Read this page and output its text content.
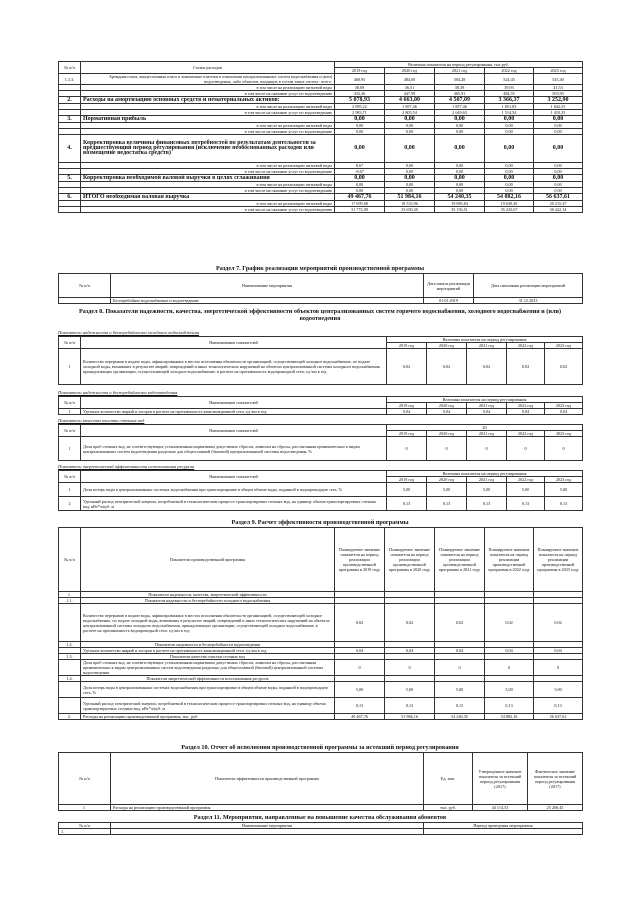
№ п/п	Статьи расходов	Величина показателя на период регулирования, тыс.руб.				
		2019 год	2020 год	2021 год	2022 год	2023 год
1.3.3.	Арендная плата, концессионная плата и лизинговые платежи в отношении централизованных систем водоснабжения и (или) водоотведения, либо объектов, входящих в состав таких систем - всего:	460,95	484,00	504,28	524,45	545,40
	в том числе на реализацию питьевой воды	38,69	36,51	38,39	39,93	41,53
	в том числе на оказание услуг по водоотведению	432,26	447,99	465,91	484,55	503,93
2.	Расходы на амортизацию основных средств и нематериальных активов:	5 078,93	4 663,00	4 507,09	3 366,37	3 252,90
	в том числе на реализацию питьевой воды	2 095,22	1 857,46	1 857,46	1 851,83	1 842,55
	в том числе на оказание услуг по водоотведению	2 983,71	2 805,54	2 649,63	1 514,54	1 410,35
3.	Нормативная прибыль	0,00	0,00	0,00	0,00	0,00
	в том числе на реализацию питьевой воды	0,00	0,00	0,00	0,00	0,00
	в том числе на оказание услуг по водоотведению	0,00	0,00	0,00	0,00	0,00
4.	Корректировка величины финансовых потребностей по результатам деятельности за предшествующий период регулирования (исключение необоснованных расходов или возмещение недостатка средств)	0,00	0,00	0,00	0,00	0,00
	в том числе на реализацию питьевой воды	8,67	0,00	0,00	0,00	0,00
	в том числе на оказание услуг по водоотведению	-8,67	0,00	0,00	0,00	0,00
5.	Корректировка необходимой валовой выручки в целях сглаживания	0,00	0,00	0,00	0,00	0,00
	в том числе на реализацию питьевой воды	0,00	0,00	0,00	0,00	0,00
	в том числе на оказание услуг по водоотведению	0,00	0,00	0,00	0,00	0,00
6.	ИТОГО необходимая валовая выручка	49 467,76	51 984,16	54 240,35	54 882,16	56 637,61
	в том числе на реализацию питьевой воды	17 695,68	18 333,96	19 083,84	19 638,49	20 215,47
	в том числе на оказание услуг по водоотведению	31 772,08	33 650,20	35 156,51	35 243,67	36 422,14
Раздел 7. График реализации мероприятий производственной программы
№ п/п	Наименование мероприятия	Дата начала реализации мероприятий	Дата окончания реализации мероприятий
	Бесперебойное водоснабжение и водоотведение	01.01.2019	31.12.2023
Раздел 8. Показатели надежности, качества, энергетической эффективности объектов централизованных систем горячего водоснабжения, холодного водоснабжения и (или) водоотведения
Показатели надежности и бесперебойности холодного водоснабжения
№ п/п	Наименование показателей	Величина показателя на период регулирования				
		2019 год	2020 год	2021 год	2022 год	2023 год
1	Количество перерывов в подаче воды, зафиксированных в местах исполнения обязательств организацией, осуществляющей холодное водоснабжение, по подаче холодной воды, возникших в результате аварий, повреждений и иных технологических нарушений на объектах централизованной системы холодного водоснабжения, принадлежащих организации, осуществляющей холодное водоснабжение, в расчете на протяженность водопроводной сети, ед./км в год	0,02	0,02	0,02	0,02	0,02
Показатели надежности и бесперебойности водоотведения
№ п/п	Наименование показателей	Величина показателя на период регулирования				
		2019 год	2020 год	2021 год	2022 год	2023 год
1	Удельное количество аварий и засоров в расчете на протяженность канализационной сети, ед./км в год	0,04	0,04	0,04	0,04	0,04
Показатели качества очистки сточных вод
№ п/п	Наименование показателей	20				
		2019 год	2020 год	2021 год	2022 год	2023 год
1	Доля проб сточных вод, не соответствующих установленным нормативам допустимых сбросов, лимитам на сбросы, рассчитанная применительно к видам централизованных систем водоотведения раздельно для общесплавной (бытовой) централизованной системы водоотведения, %	0	0	0	0	0
Показатели энергетической эффективности использования ресурсов
№ п/п	Наименование показателей	Величина показателя на период регулирования				
		2019 год	2020 год	2021 год	2022 год	2023 год
1	Доля потерь воды в централизованных системах водоснабжения при транспортировке в общем объеме воды, поданной в водопроводную сеть, %	5,00	5,00	5,00	5,00	5,00
2	Удельный расход электрической энергии, потребляемой в технологическом процессе транспортировки сточных вод, на единицу объема транспортируемых сточных вод, кВт*ч/куб. м	0,13	0,13	0,13	0,13	0,13
Раздел 9. Расчет эффективности производственной программы
№ п/п	Показатели производственной программы	Планируемое значение показателя на период реализации производственной программы в 2019 году	Планируемое значение показателя на период реализации производственной программы в 2020 году	Планируемое значение показателя на период реализации производственной программы в 2021 году	Планируемое значение показателя на период реализации производственной программы в 2022 году	Планируемое значение показателя на период реализации производственной программы в 2023 году
1.	Показатели надежности, качества, энергетической эффективности					
1.1.	Показатели надежности и бесперебойности холодного водоснабжения					
	Количество перерывов в подаче воды, зафиксированных в местах исполнения обязательств организацией, осуществляющей холодное водоснабжение, по подаче холодной воды, возникших в результате аварий, повреждений и иных технологических нарушений на объектах централизованной системы холодного водоснабжения, принадлежащих организации, осуществляющей холодное водоснабжение, в расчете на протяженность водопроводной сети, ед./км в год	0,02	0,02	0,02	0,02	0,02
1.2.	Показатели надежности и бесперебойности водоотведения					
	Удельное количество аварий и засоров в расчете на протяженность канализационной сети, ед./км в год	0,04	0,04	0,04	0,04	0,04
1.3.	Показатели качества очистки сточных вод					
	Доля проб сточных вод, не соответствующих установленным нормативам допустимых сбросов, лимитам на сбросы, рассчитанная применительно к видам централизованных систем водоотведения раздельно для общесплавной (бытовой) централизованной системы водоотведения	0	0	0	0	0
1.4.	Показатели энергетической эффективности использования ресурсов					
	Доля потерь воды в централизованных системах водоснабжения при транспортировке в общем объеме воды, поданной в водопроводную сеть, %	5,00	5,00	5,00	5,00	5,00
	Удельный расход электрической энергии, потребляемой в технологическом процессе транспортировки сточных вод, на единицу объема транспортируемых сточных вод, кВт*ч/куб. м	0,13	0,13	0,13	0,13	0,13
2.	Расходы на реализацию производственной программы, тыс. руб.	49 467,76	51 984,16	54 240,35	54 882,16	56 637,61
Раздел 10. Отчет об исполнении производственной программы за истекший период регулирования
№ п/п	Показатели эффективности производственной программы	Ед. изм.	Утвержденное значение показателя за истекший период регулирования (2017)	Фактическое значение показателя за истекший период регулирования (2017)
1.	Расходы на реализацию производственной программы	тыс. руб.	44 114,53	25 268,45
Раздел 11. Мероприятия, направленные на повышение качества обслуживания абонентов
№ п/п	Наименование мероприятия	Период проведения мероприятия
1.		
